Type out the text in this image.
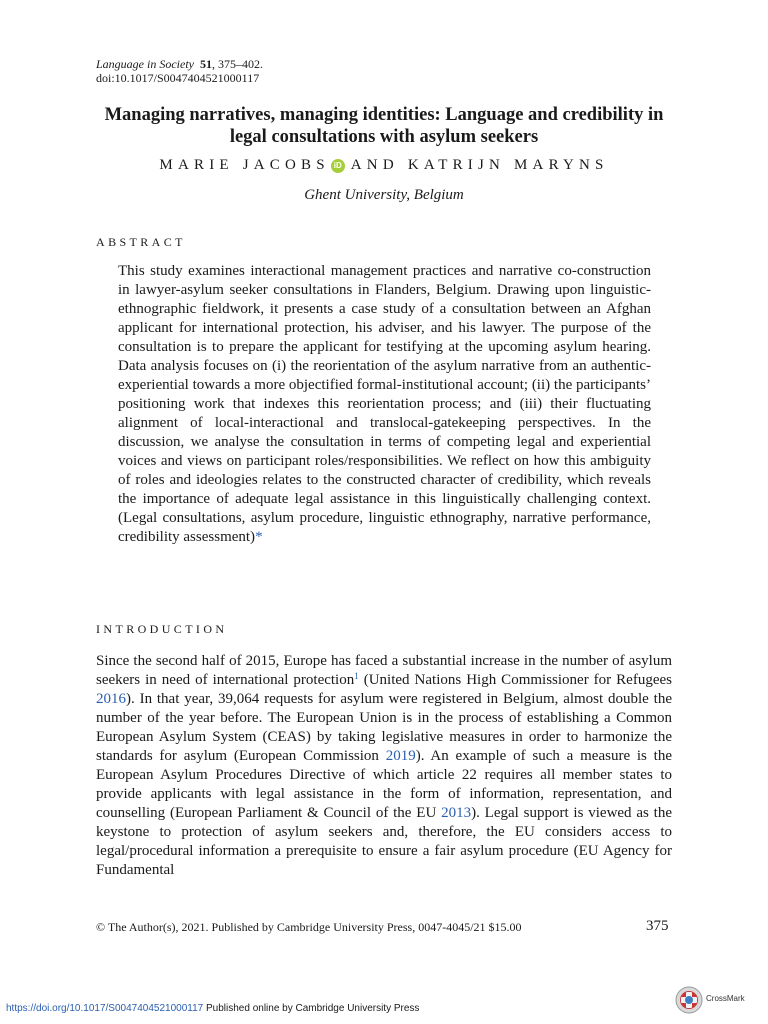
Language in Society 51, 375–402.
doi:10.1017/S0047404521000117
Managing narratives, managing identities: Language and credibility in legal consultations with asylum seekers
MARIE JACOBS iD AND KATRIJN MARYNS
Ghent University, Belgium
ABSTRACT
This study examines interactional management practices and narrative co-construction in lawyer-asylum seeker consultations in Flanders, Belgium. Drawing upon linguistic-ethnographic fieldwork, it presents a case study of a consultation between an Afghan applicant for international protection, his adviser, and his lawyer. The purpose of the consultation is to prepare the applicant for testifying at the upcoming asylum hearing. Data analysis focuses on (i) the reorientation of the asylum narrative from an authentic-experiential towards a more objectified formal-institutional account; (ii) the participants’ positioning work that indexes this reorientation process; and (iii) their fluctuating alignment of local-interactional and translocal-gatekeeping perspectives. In the discussion, we analyse the consultation in terms of competing legal and experiential voices and views on participant roles/responsibilities. We reflect on how this ambiguity of roles and ideologies relates to the constructed character of credibility, which reveals the importance of adequate legal assistance in this linguistically challenging context. (Legal consultations, asylum procedure, linguistic ethnography, narrative performance, credibility assessment)*
INTRODUCTION
Since the second half of 2015, Europe has faced a substantial increase in the number of asylum seekers in need of international protection$^1$ (United Nations High Commissioner for Refugees 2016). In that year, 39,064 requests for asylum were registered in Belgium, almost double the number of the year before. The European Union is in the process of establishing a Common European Asylum System (CEAS) by taking legislative measures in order to harmonize the standards for asylum (European Commission 2019). An example of such a measure is the European Asylum Procedures Directive of which article 22 requires all member states to provide applicants with legal assistance in the form of information, representation, and counselling (European Parliament & Council of the EU 2013). Legal support is viewed as the keystone to protection of asylum seekers and, therefore, the EU considers access to legal/procedural information a prerequisite to ensure a fair asylum procedure (EU Agency for Fundamental
© The Author(s), 2021. Published by Cambridge University Press, 0047-4045/21 $15.00	375
https://doi.org/10.1017/S0047404521000117 Published online by Cambridge University Press
CrossMark
